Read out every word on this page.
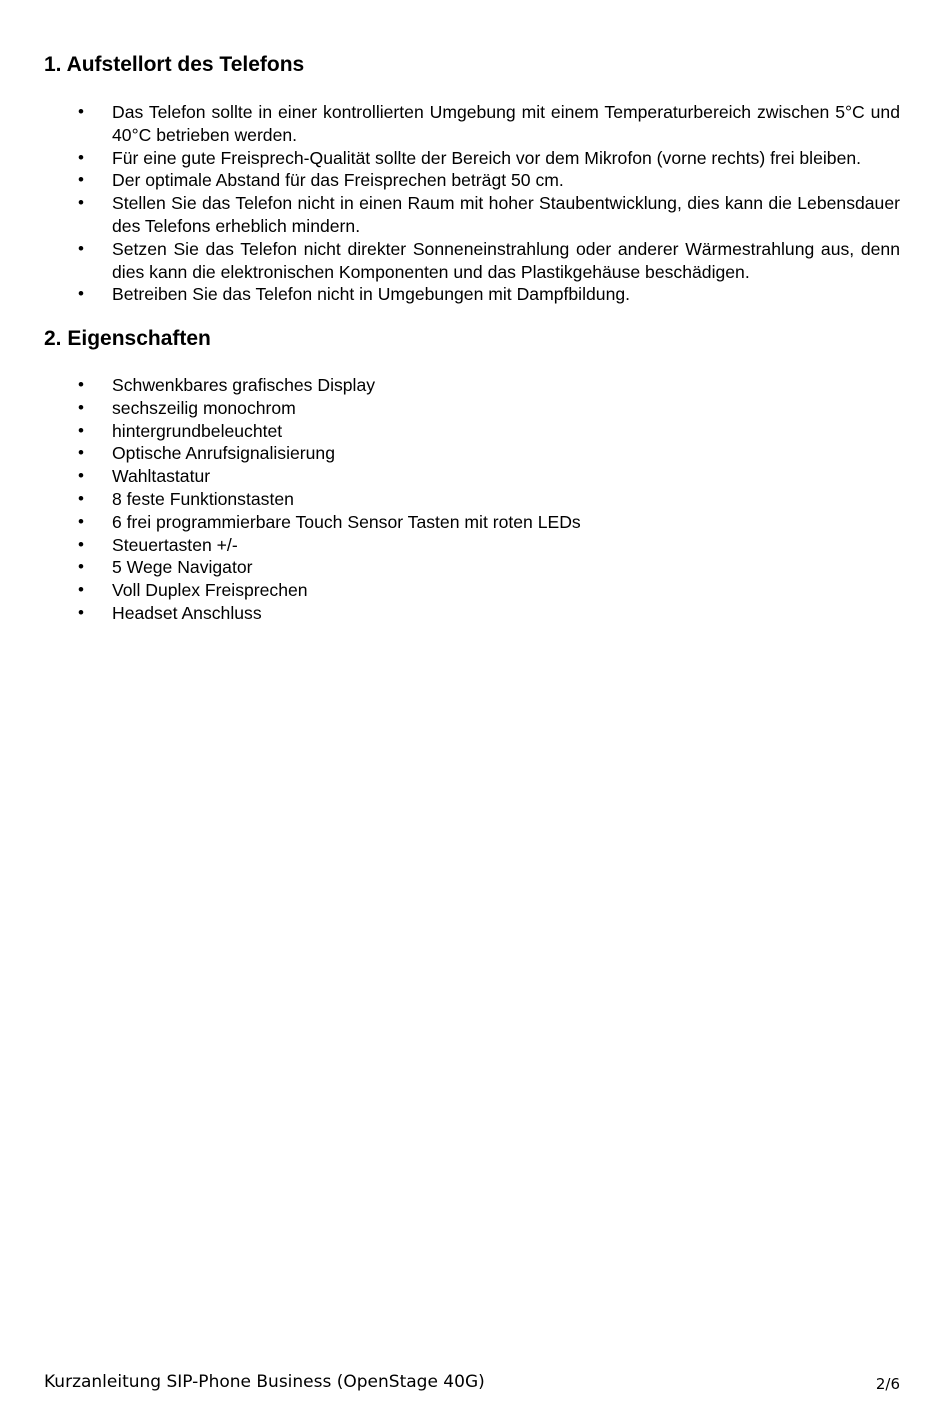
1. Aufstellort des Telefons
• Das Telefon sollte in einer kontrollierten Umgebung mit einem Temperaturbereich zwischen 5°C und 40°C betrieben werden.
• Für eine gute Freisprech-Qualität sollte der Bereich vor dem Mikrofon (vorne rechts) frei bleiben.
• Der optimale Abstand für das Freisprechen beträgt 50 cm.
• Stellen Sie das Telefon nicht in einen Raum mit hoher Staubentwicklung, dies kann die Lebensdauer des Telefons erheblich mindern.
• Setzen Sie das Telefon nicht direkter Sonneneinstrahlung oder anderer Wärmestrahlung aus, denn dies kann die elektronischen Komponenten und das Plastikgehäuse beschädigen.
• Betreiben Sie das Telefon nicht in Umgebungen mit Dampfbildung.
2. Eigenschaften
• Schwenkbares grafisches Display
• sechszeilig monochrom
• hintergrundbeleuchtet
• Optische Anrufsignalisierung
• Wahltastatur
• 8 feste Funktionstasten
• 6 frei programmierbare Touch Sensor Tasten mit roten LEDs
• Steuertasten +/-
• 5 Wege Navigator
• Voll Duplex Freisprechen
• Headset Anschluss
Kurzanleitung SIP-Phone Business (OpenStage 40G)	2/6
